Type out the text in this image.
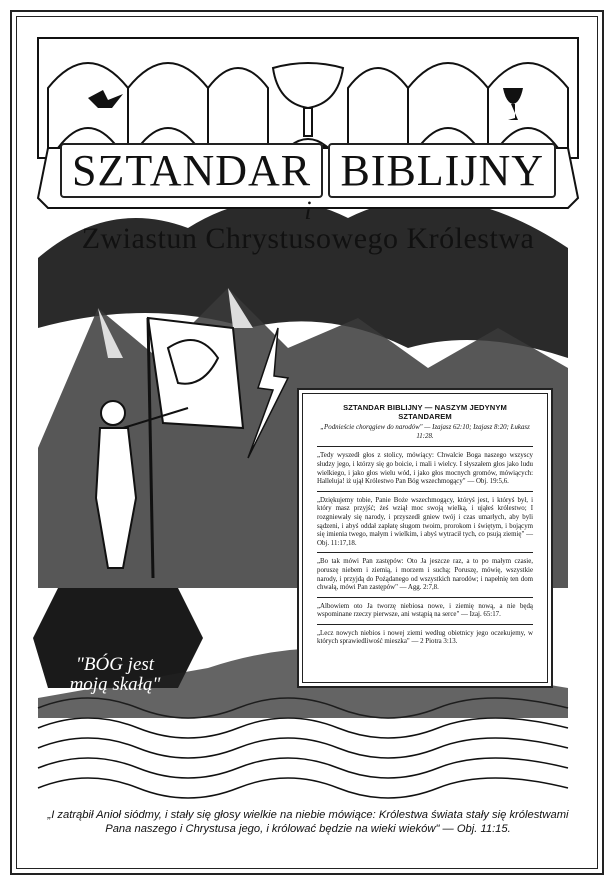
SZTANDAR BIBLIJNY
i
Zwiastun Chrystusowego Królestwa
"BÓG jest
moją skałą"
SZTANDAR BIBLIJNY — NASZYM JEDYNYM SZTANDAREM
„Podnieście chorągiew do narodów" — Izajasz 62:10; Izajasz 8:20; Łukasz 11:28.

„Tedy wyszedł głos z stolicy, mówiący: Chwalcie Boga naszego wszyscy słudzy jego, i którzy się go boicie, i mali i wielcy. I słyszałem głos jako ludu wielkiego, i jako głos wielu wód, i jako głos mocnych gromów, mówiących: Halleluja! iż ujął Królestwo Pan Bóg wszechmogący" — Obj. 19:5,6.

„Dziękujemy tobie, Panie Boże wszechmogący, któryś jest, i któryś był, i który masz przyjść; żeś wziął moc swoją wielką, i ująłeś królestwo; I rozgniewały się narody, i przyszedł gniew twój i czas umarłych, aby byli sądzeni, i abyś oddał zapłatę sługom twoim, prorokom i świętym, i bojącym się imienia twego, małym i wielkim, i abyś wytracił tych, co psują ziemię" — Obj. 11:17,18.

„Bo tak mówi Pan zastępów: Oto Ja jeszcze raz, a to po małym czasie, poruszę niebem i ziemią, i morzem i suchą; Poruszę, mówię, wszystkie narody, i przyjdą do Pożądanego od wszystkich narodów; i napełnię ten dom chwałą, mówi Pan zastępów" — Agg. 2:7,8.

„Albowiem oto Ja tworzę niebiosa nowe, i ziemię nową, a nie będą wspominane rzeczy pierwsze, ani wstąpią na serce" — Izaj. 65:17.

„Lecz nowych niebios i nowej ziemi według obietnicy jego oczekujemy, w których sprawiedliwość mieszka" — 2 Piotra 3:13.

„I zatrąbił Anioł siódmy, i stały się głosy wielkie na niebie mówiące: Królestwa świata stały się królestwami
Pana naszego i Chrystusa jego, i królować będzie na wieki wieków" — Obj. 11:15.
